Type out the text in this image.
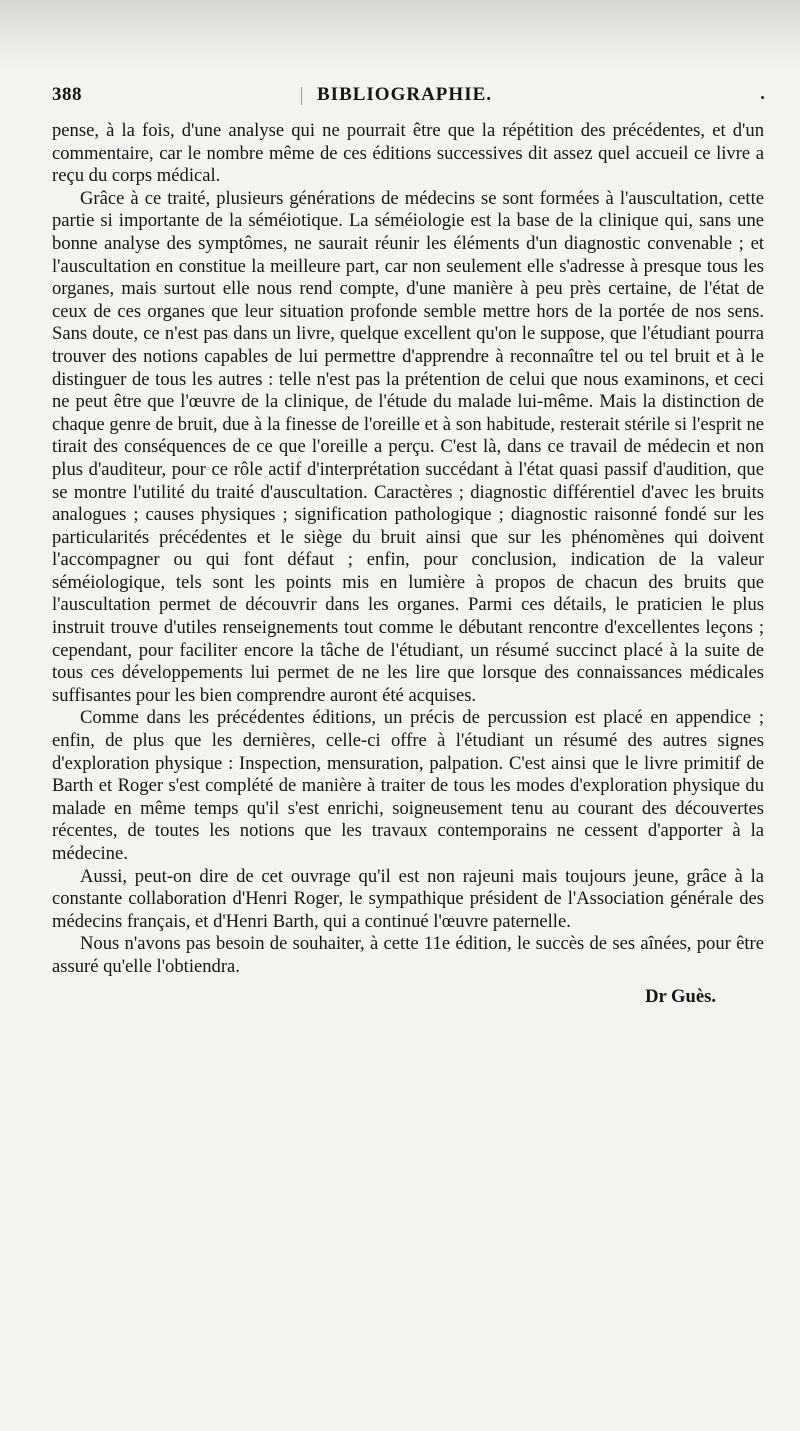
388	BIBLIOGRAPHIE.

pense, à la fois, d'une analyse qui ne pourrait être que la répétition des précédentes, et d'un commentaire, car le nombre même de ces éditions successives dit assez quel accueil ce livre a reçu du corps médical.

Grâce à ce traité, plusieurs générations de médecins se sont formées à l'auscultation, cette partie si importante de la séméiotique. La séméiologie est la base de la clinique qui, sans une bonne analyse des symptômes, ne saurait réunir les éléments d'un diagnostic convenable ; et l'auscultation en constitue la meilleure part, car non seulement elle s'adresse à presque tous les organes, mais surtout elle nous rend compte, d'une manière à peu près certaine, de l'état de ceux de ces organes que leur situation profonde semble mettre hors de la portée de nos sens. Sans doute, ce n'est pas dans un livre, quelque excellent qu'on le suppose, que l'étudiant pourra trouver des notions capables de lui permettre d'apprendre à reconnaître tel ou tel bruit et à le distinguer de tous les autres : telle n'est pas la prétention de celui que nous examinons, et ceci ne peut être que l'œuvre de la clinique, de l'étude du malade lui-même. Mais la distinction de chaque genre de bruit, due à la finesse de l'oreille et à son habitude, resterait stérile si l'esprit ne tirait des conséquences de ce que l'oreille a perçu. C'est là, dans ce travail de médecin et non plus d'auditeur, pour ce rôle actif d'interprétation succédant à l'état quasi passif d'audition, que se montre l'utilité du traité d'auscultation. Caractères ; diagnostic différentiel d'avec les bruits analogues ; causes physiques ; signification pathologique ; diagnostic raisonné fondé sur les particularités précédentes et le siège du bruit ainsi que sur les phénomènes qui doivent l'accompagner ou qui font défaut ; enfin, pour conclusion, indication de la valeur séméiologique, tels sont les points mis en lumière à propos de chacun des bruits que l'auscultation permet de découvrir dans les organes. Parmi ces détails, le praticien le plus instruit trouve d'utiles renseignements tout comme le débutant rencontre d'excellentes leçons ; cependant, pour faciliter encore la tâche de l'étudiant, un résumé succinct placé à la suite de tous ces développements lui permet de ne les lire que lorsque des connaissances médicales suffisantes pour les bien comprendre auront été acquises.

Comme dans les précédentes éditions, un précis de percussion est placé en appendice ; enfin, de plus que les dernières, celle-ci offre à l'étudiant un résumé des autres signes d'exploration physique : Inspection, mensuration, palpation. C'est ainsi que le livre primitif de Barth et Roger s'est complété de manière à traiter de tous les modes d'exploration physique du malade en même temps qu'il s'est enrichi, soigneusement tenu au courant des découvertes récentes, de toutes les notions que les travaux contemporains ne cessent d'apporter à la médecine.

Aussi, peut-on dire de cet ouvrage qu'il est non rajeuni mais toujours jeune, grâce à la constante collaboration d'Henri Roger, le sympathique président de l'Association générale des médecins français, et d'Henri Barth, qui a continué l'œuvre paternelle.

Nous n'avons pas besoin de souhaiter, à cette 11e édition, le succès de ses aînées, pour être assuré qu'elle l'obtiendra.

Dr Guès.
